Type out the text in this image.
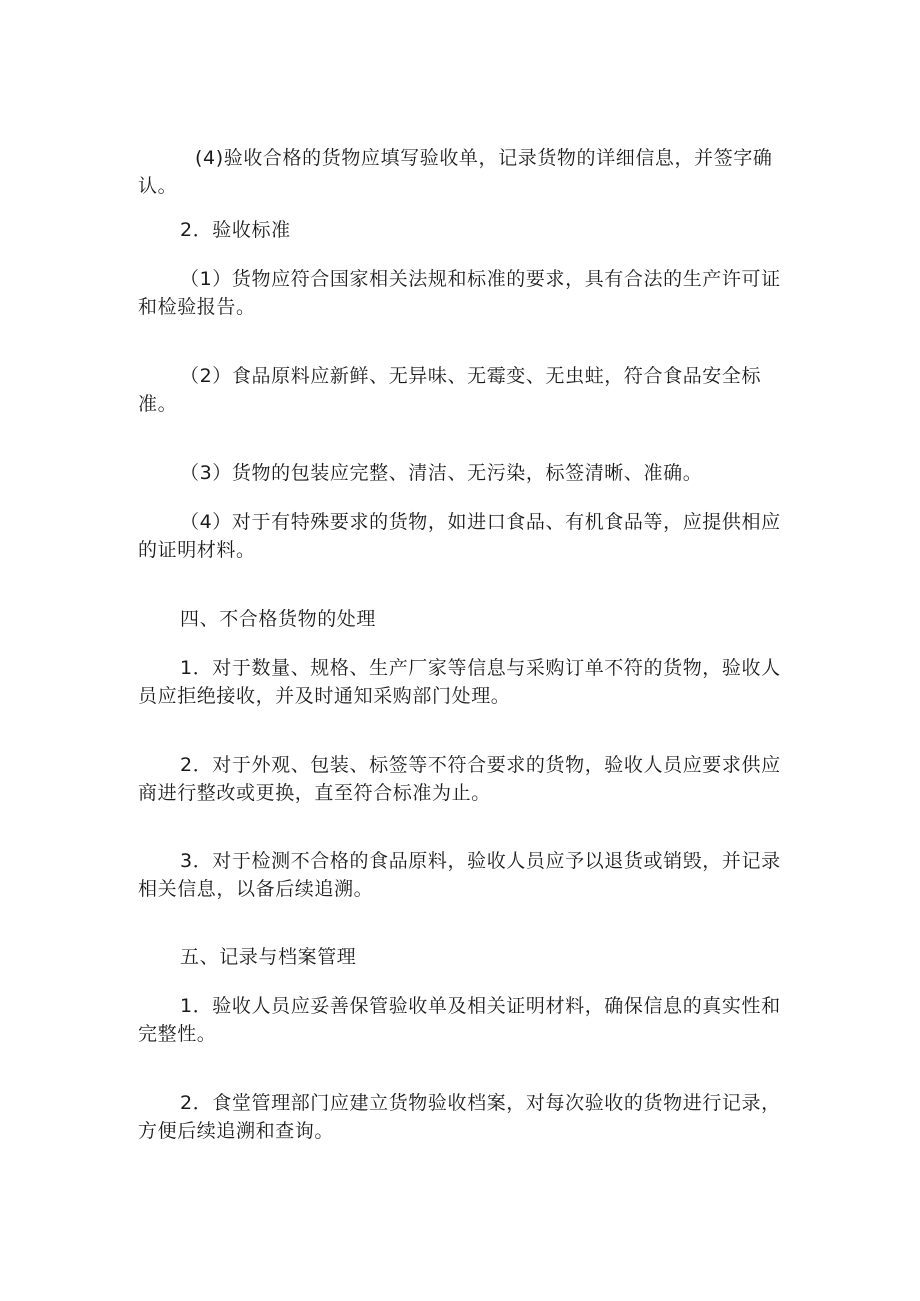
(4)验收合格的货物应填写验收单，记录货物的详细信息，并签字确认。

2．验收标准

（1）货物应符合国家相关法规和标准的要求，具有合法的生产许可证和检验报告。

（2）食品原料应新鲜、无异味、无霉变、无虫蛀，符合食品安全标准。

（3）货物的包装应完整、清洁、无污染，标签清晰、准确。

（4）对于有特殊要求的货物，如进口食品、有机食品等，应提供相应的证明材料。

四、不合格货物的处理

1．对于数量、规格、生产厂家等信息与采购订单不符的货物，验收人员应拒绝接收，并及时通知采购部门处理。

2．对于外观、包装、标签等不符合要求的货物，验收人员应要求供应商进行整改或更换，直至符合标准为止。

3．对于检测不合格的食品原料，验收人员应予以退货或销毁，并记录相关信息，以备后续追溯。

五、记录与档案管理

1．验收人员应妥善保管验收单及相关证明材料，确保信息的真实性和完整性。

2．食堂管理部门应建立货物验收档案，对每次验收的货物进行记录，方便后续追溯和查询。
